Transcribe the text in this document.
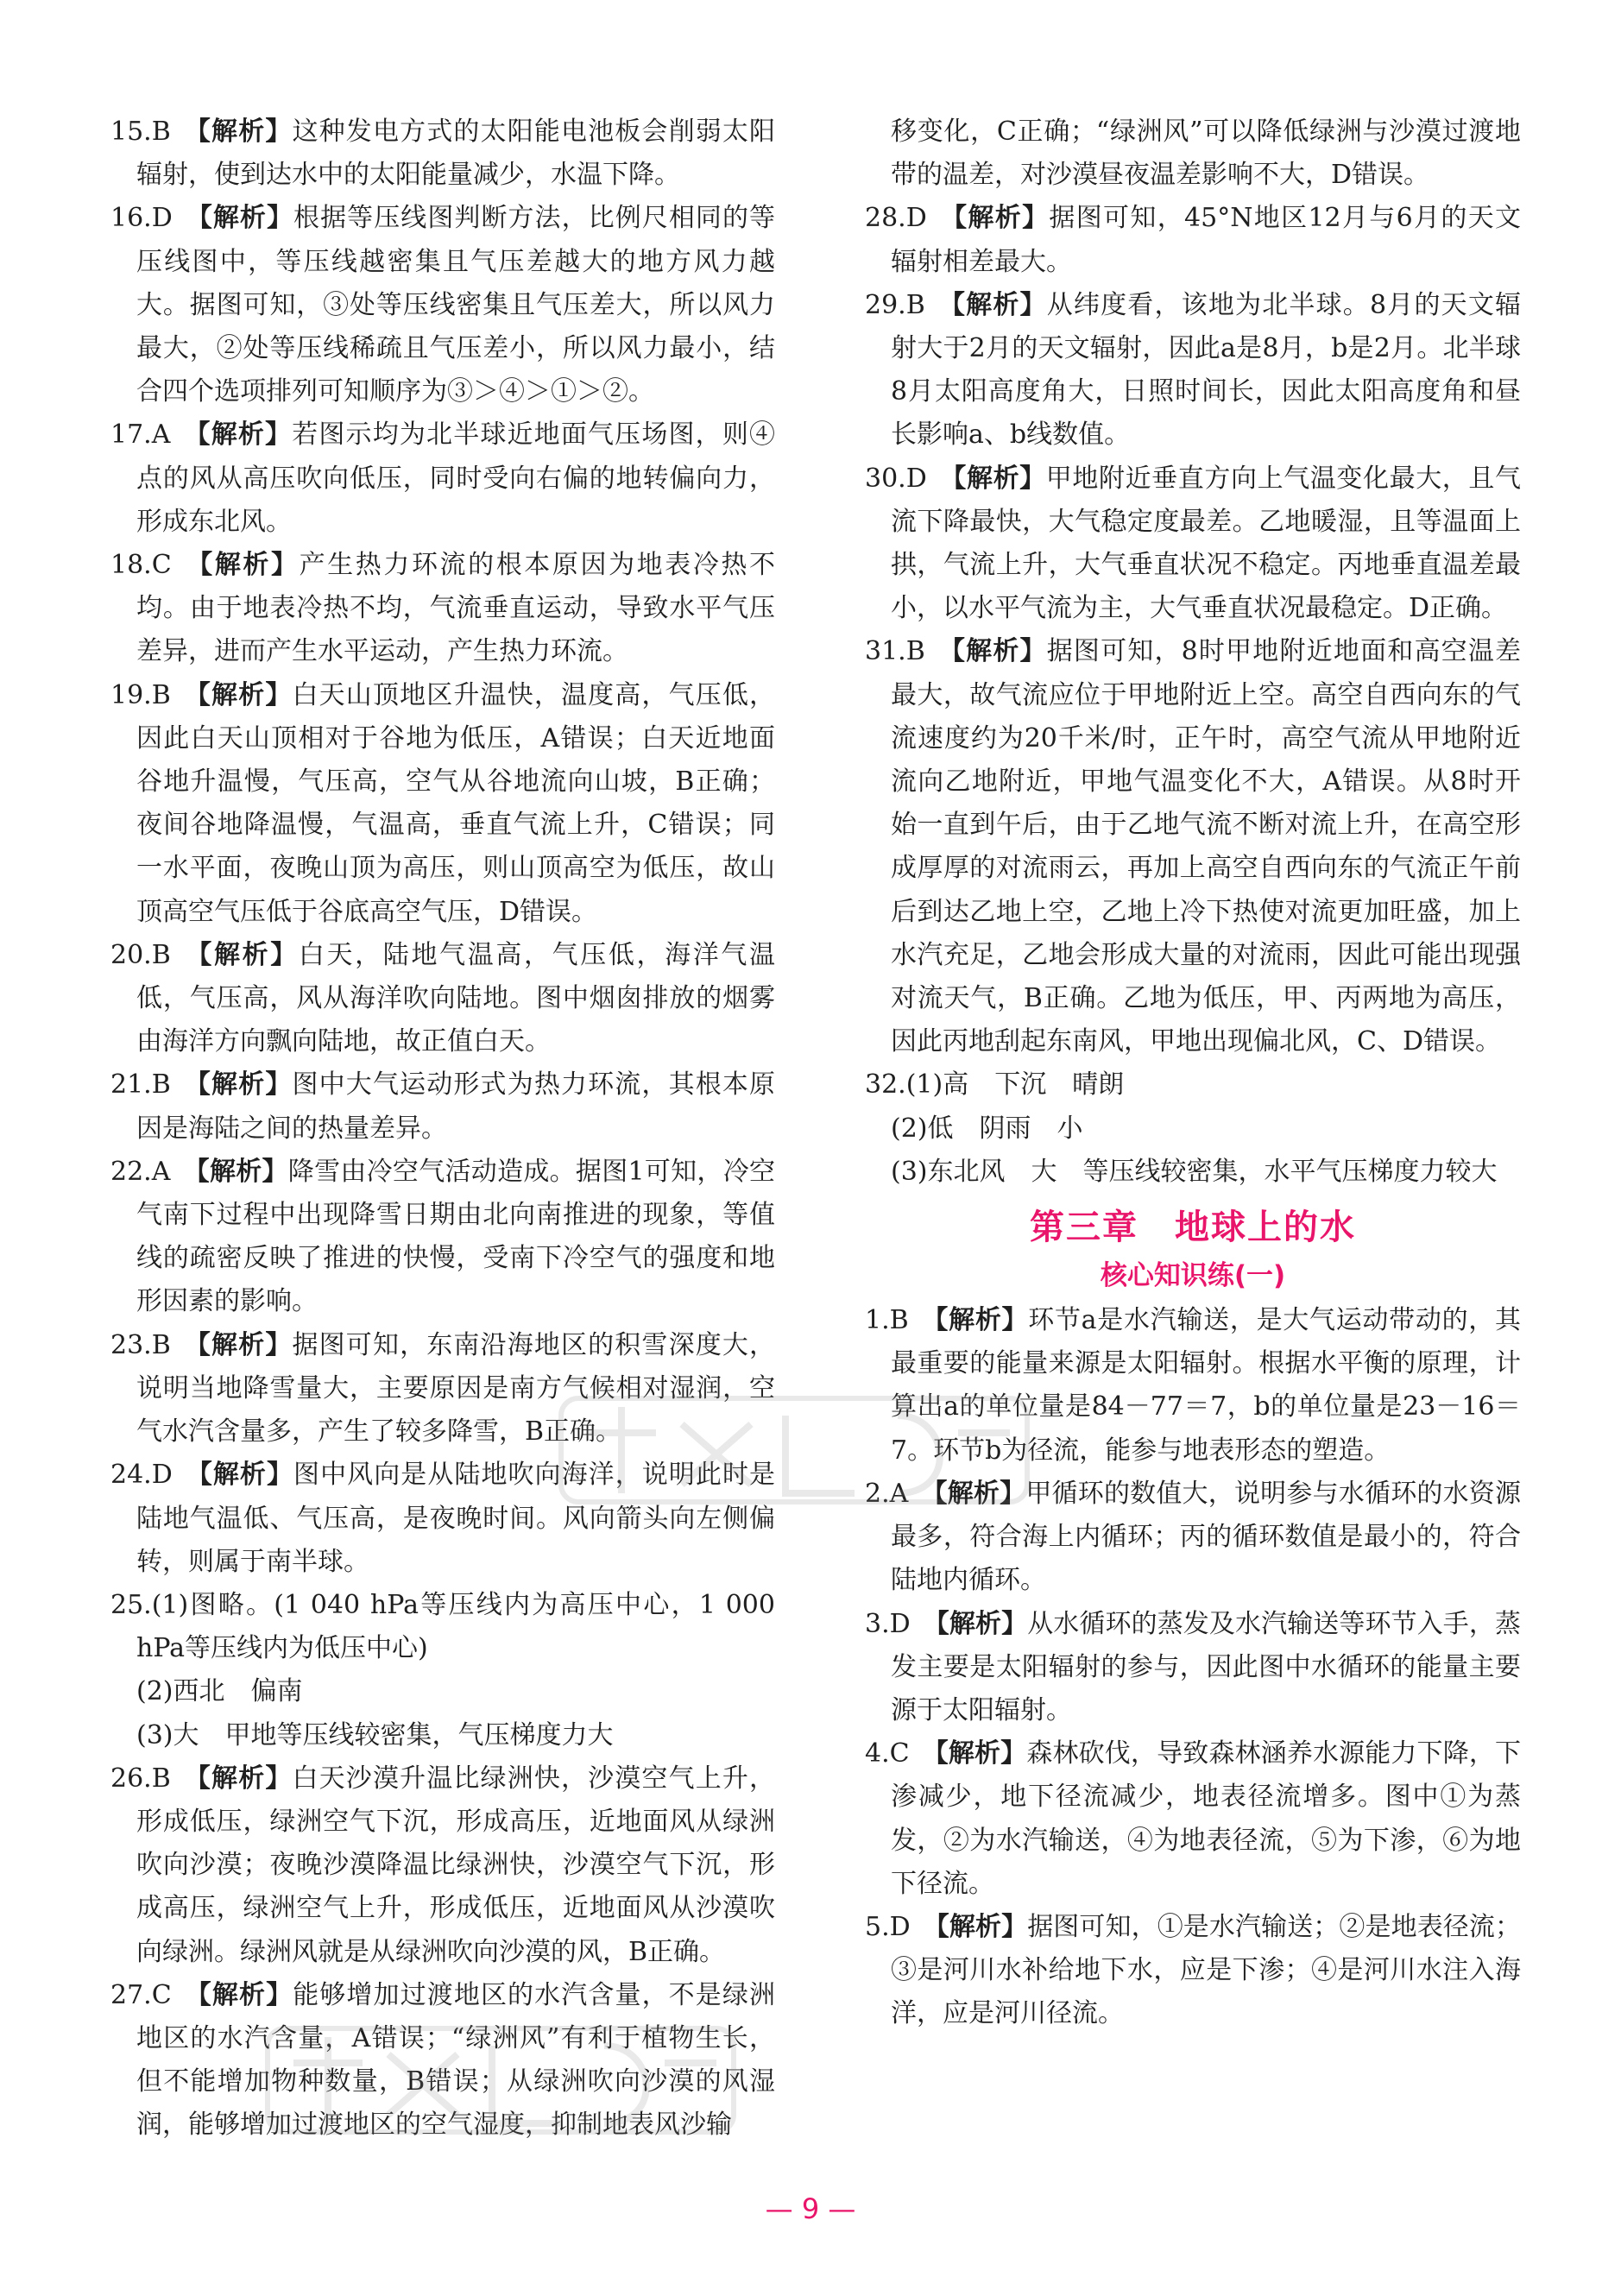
15.B 【解析】这种发电方式的太阳能电池板会削弱太阳辐射，使到达水中的太阳能量减少，水温下降。

16.D 【解析】根据等压线图判断方法，比例尺相同的等压线图中，等压线越密集且气压差越大的地方风力越大。据图可知，③处等压线密集且气压差大，所以风力最大，②处等压线稀疏且气压差小，所以风力最小，结合四个选项排列可知顺序为③＞④＞①＞②。

17.A 【解析】若图示均为北半球近地面气压场图，则④点的风从高压吹向低压，同时受向右偏的地转偏向力，形成东北风。

18.C 【解析】产生热力环流的根本原因为地表冷热不均。由于地表冷热不均，气流垂直运动，导致水平气压差异，进而产生水平运动，产生热力环流。

19.B 【解析】白天山顶地区升温快，温度高，气压低，因此白天山顶相对于谷地为低压，A错误；白天近地面谷地升温慢，气压高，空气从谷地流向山坡，B正确；夜间谷地降温慢，气温高，垂直气流上升，C错误；同一水平面，夜晚山顶为高压，则山顶高空为低压，故山顶高空气压低于谷底高空气压，D错误。

20.B 【解析】白天，陆地气温高，气压低，海洋气温低，气压高，风从海洋吹向陆地。图中烟囱排放的烟雾由海洋方向飘向陆地，故正值白天。

21.B 【解析】图中大气运动形式为热力环流，其根本原因是海陆之间的热量差异。

22.A 【解析】降雪由冷空气活动造成。据图1可知，冷空气南下过程中出现降雪日期由北向南推进的现象，等值线的疏密反映了推进的快慢，受南下冷空气的强度和地形因素的影响。

23.B 【解析】据图可知，东南沿海地区的积雪深度大，说明当地降雪量大，主要原因是南方气候相对湿润，空气水汽含量多，产生了较多降雪，B正确。

24.D 【解析】图中风向是从陆地吹向海洋，说明此时是陆地气温低、气压高，是夜晚时间。风向箭头向左侧偏转，则属于南半球。

25.(1)图略。(1 040 hPa等压线内为高压中心，1 000 hPa等压线内为低压中心)

(2)西北　偏南

(3)大　甲地等压线较密集，气压梯度力大

26.B 【解析】白天沙漠升温比绿洲快，沙漠空气上升，形成低压，绿洲空气下沉，形成高压，近地面风从绿洲吹向沙漠；夜晚沙漠降温比绿洲快，沙漠空气下沉，形成高压，绿洲空气上升，形成低压，近地面风从沙漠吹向绿洲。绿洲风就是从绿洲吹向沙漠的风，B正确。

27.C 【解析】能够增加过渡地区的水汽含量，不是绿洲地区的水汽含量，A错误；“绿洲风”有利于植物生长，但不能增加物种数量，B错误；从绿洲吹向沙漠的风湿润，能够增加过渡地区的空气湿度，抑制地表风沙输

移变化，C正确；“绿洲风”可以降低绿洲与沙漠过渡地带的温差，对沙漠昼夜温差影响不大，D错误。

28.D 【解析】据图可知，45°N地区12月与6月的天文辐射相差最大。

29.B 【解析】从纬度看，该地为北半球。8月的天文辐射大于2月的天文辐射，因此a是8月，b是2月。北半球8月太阳高度角大，日照时间长，因此太阳高度角和昼长影响a、b线数值。

30.D 【解析】甲地附近垂直方向上气温变化最大，且气流下降最快，大气稳定度最差。乙地暖湿，且等温面上拱，气流上升，大气垂直状况不稳定。丙地垂直温差最小，以水平气流为主，大气垂直状况最稳定。D正确。

31.B 【解析】据图可知，8时甲地附近地面和高空温差最大，故气流应位于甲地附近上空。高空自西向东的气流速度约为20千米/时，正午时，高空气流从甲地附近流向乙地附近，甲地气温变化不大，A错误。从8时开始一直到午后，由于乙地气流不断对流上升，在高空形成厚厚的对流雨云，再加上高空自西向东的气流正午前后到达乙地上空，乙地上冷下热使对流更加旺盛，加上水汽充足，乙地会形成大量的对流雨，因此可能出现强对流天气，B正确。乙地为低压，甲、丙两地为高压，因此丙地刮起东南风，甲地出现偏北风，C、D错误。

32.(1)高　下沉　晴朗

(2)低　阴雨　小

(3)东北风　大　等压线较密集，水平气压梯度力较大

第三章　地球上的水
核心知识练(一)

1.B 【解析】环节a是水汽输送，是大气运动带动的，其最重要的能量来源是太阳辐射。根据水平衡的原理，计算出a的单位量是84－77＝7，b的单位量是23－16＝7。环节b为径流，能参与地表形态的塑造。

2.A 【解析】甲循环的数值大，说明参与水循环的水资源最多，符合海上内循环；丙的循环数值是最小的，符合陆地内循环。

3.D 【解析】从水循环的蒸发及水汽输送等环节入手，蒸发主要是太阳辐射的参与，因此图中水循环的能量主要源于太阳辐射。

4.C 【解析】森林砍伐，导致森林涵养水源能力下降，下渗减少，地下径流减少，地表径流增多。图中①为蒸发，②为水汽输送，④为地表径流，⑤为下渗，⑥为地下径流。

5.D 【解析】据图可知，①是水汽输送；②是地表径流；③是河川水补给地下水，应是下渗；④是河川水注入海洋，应是河川径流。

— 9 —
